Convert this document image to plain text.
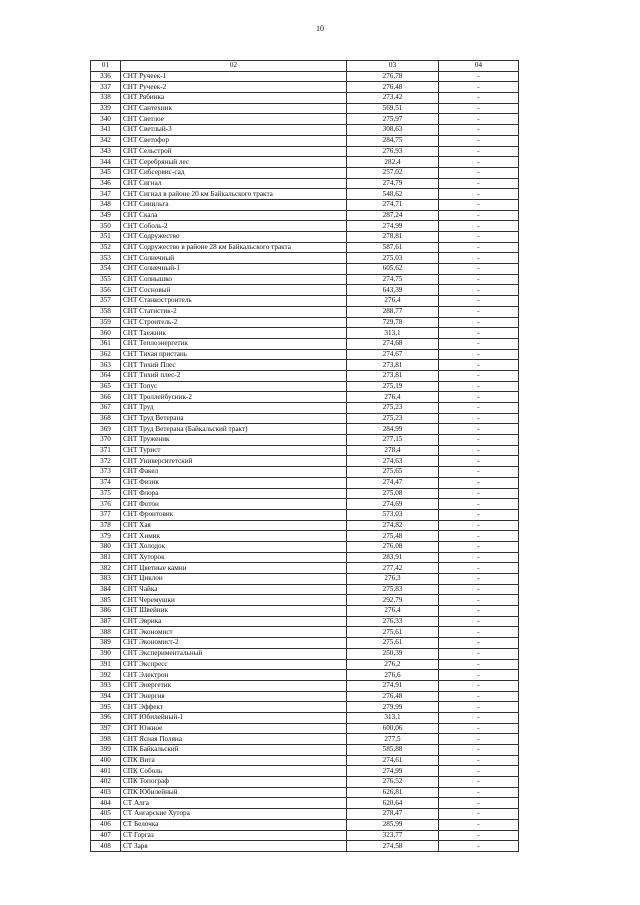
10
01	02	03	04
336	СНТ Ручеек-1	276,78	-
337	СНТ Ручеек-2	276,48	-
338	СНТ Рябинка	273,42	-
339	СНТ Сантехник	569,51	-
340	СНТ Светлое	275,97	-
341	СНТ Светлый-3	308,63	-
342	СНТ Светофор	284,75	-
343	СНТ Сельстрой	276,93	-
344	СНТ Серебряный лес	282,4	-
345	СНТ Сибсервис-сад	257,02	-
346	СНТ Сигнал	274,79	-
347	СНТ Сигнал в районе 20 км Байкальского тракта	548,62	-
348	СНТ Синильга	274,71	-
349	СНТ Скала	287,24	-
350	СНТ Соболь-2	274,99	-
351	СНТ Содружество	278,81	-
352	СНТ Содружество в районе 28 км Байкальского тракта	587,61	-
353	СНТ Солнечный	275,03	-
354	СНТ Солнечный-1	605,62	-
355	СНТ Солнышко	274,75	-
356	СНТ Сосновый	643,39	-
357	СНТ Станкостроитель	276,4	-
358	СНТ Статистик-2	288,77	-
359	СНТ Строитель-2	729,78	-
360	СНТ Таежник	313,1	-
361	СНТ Теплоэнергетик	274,68	-
362	СНТ Тихая пристань	274,67	-
363	СНТ Тихий Плес	273,81	-
364	СНТ Тихий плес-2	273,81	-
365	СНТ Топус	275,19	-
366	СНТ Троллейбусник-2	276,4	-
367	СНТ Труд	275,23	-
368	СНТ Труд Ветерана	275,23	-
369	СНТ Труд Ветерана (Байкальский тракт)	284,99	-
370	СНТ Труженик	277,15	-
371	СНТ Турист	278,4	-
372	СНТ Университетский	274,63	-
373	СНТ Факел	275,65	-
374	СНТ Физик	274,47	-
375	СНТ Флора	275,08	-
376	СНТ Фотон	274,69	-
377	СНТ Фронтовик	573,03	-
378	СНТ Хая	274,82	-
379	СНТ Химик	275,48	-
380	СНТ Холодок	276,08	-
381	СНТ Хуторок	283,91	-
382	СНТ Цветные камни	277,42	-
383	СНТ Циклон	276,3	-
384	СНТ Чайка	275,83	-
385	СНТ Черемушки	292,79	-
386	СНТ Швейник	276,4	-
387	СНТ Эврика	276,33	-
388	СНТ Экономист	275,61	-
389	СНТ Экономист-2	275,61	-
390	СНТ Экспериментальный	250,39	-
391	СНТ Экспресс	276,2	-
392	СНТ Электрон	276,6	-
393	СНТ Энергетик	274,91	-
394	СНТ Энергия	276,48	-
395	СНТ Эффект	279,99	-
396	СНТ Юбилейный-1	313,1	-
397	СНТ Южное	600,06	-
398	СНТ Ясная Поляна	277,5	-
399	СПК Байкальский	585,88	-
400	СПК Вита	274,61	-
401	СПК Соболь	274,99	-
402	СПК Топограф	276,52	-
403	СПК Юбилейный	626,81	-
404	СТ Алга	620,64	-
405	СТ Ангарские Хутора	278,47	-
406	СТ Белочка	285,99	-
407	СТ Горгаз	323,77	-
408	СТ Заря	274,58	-
